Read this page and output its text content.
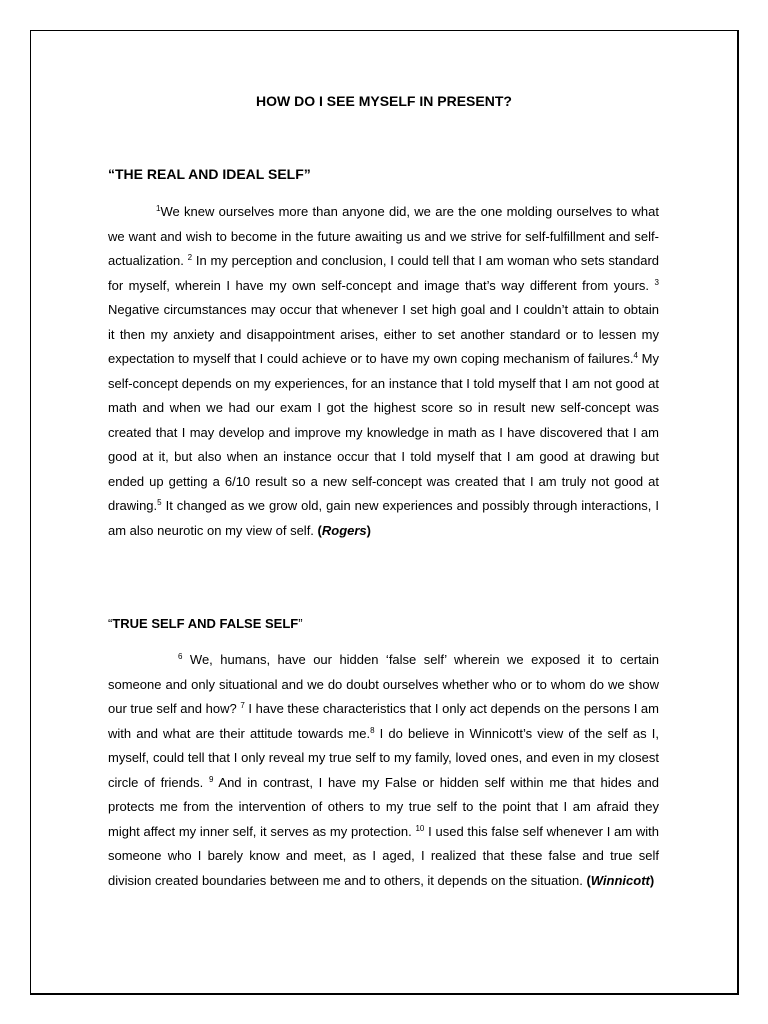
HOW DO I SEE MYSELF IN PRESENT?
“THE REAL AND IDEAL SELF”

$^1$We knew ourselves more than anyone did, we are the one molding ourselves to what we want and wish to become in the future awaiting us and we strive for self-fulfillment and self-actualization. $^2$ In my perception and conclusion, I could tell that I am woman who sets standard for myself, wherein I have my own self-concept and image that’s way different from yours. $^3$ Negative circumstances may occur that whenever I set high goal and I couldn’t attain to obtain it then my anxiety and disappointment arises, either to set another standard or to lessen my expectation to myself that I could achieve or to have my own coping mechanism of failures.$^4$ My self-concept depends on my experiences, for an instance that I told myself that I am not good at math and when we had our exam I got the highest score so in result new self-concept was created that I may develop and improve my knowledge in math as I have discovered that I am good at it, but also when an instance occur that I told myself that I am good at drawing but ended up getting a 6/10 result so a new self-concept was created that I am truly not good at drawing.$^5$ It changed as we grow old, gain new experiences and possibly through interactions, I am also neurotic on my view of self. (Rogers)

“TRUE SELF AND FALSE SELF”

$^6$ We, humans, have our hidden ‘false self’ wherein we exposed it to certain someone and only situational and we do doubt ourselves whether who or to whom do we show our true self and how? $^7$ I have these characteristics that I only act depends on the persons I am with and what are their attitude towards me.$^8$ I do believe in Winnicott’s view of the self as I, myself, could tell that I only reveal my true self to my family, loved ones, and even in my closest circle of friends. $^9$ And in contrast, I have my False or hidden self within me that hides and protects me from the intervention of others to my true self to the point that I am afraid they might affect my inner self, it serves as my protection. $^{10}$ I used this false self whenever I am with someone who I barely know and meet, as I aged, I realized that these false and true self division created boundaries between me and to others, it depends on the situation. (Winnicott)
